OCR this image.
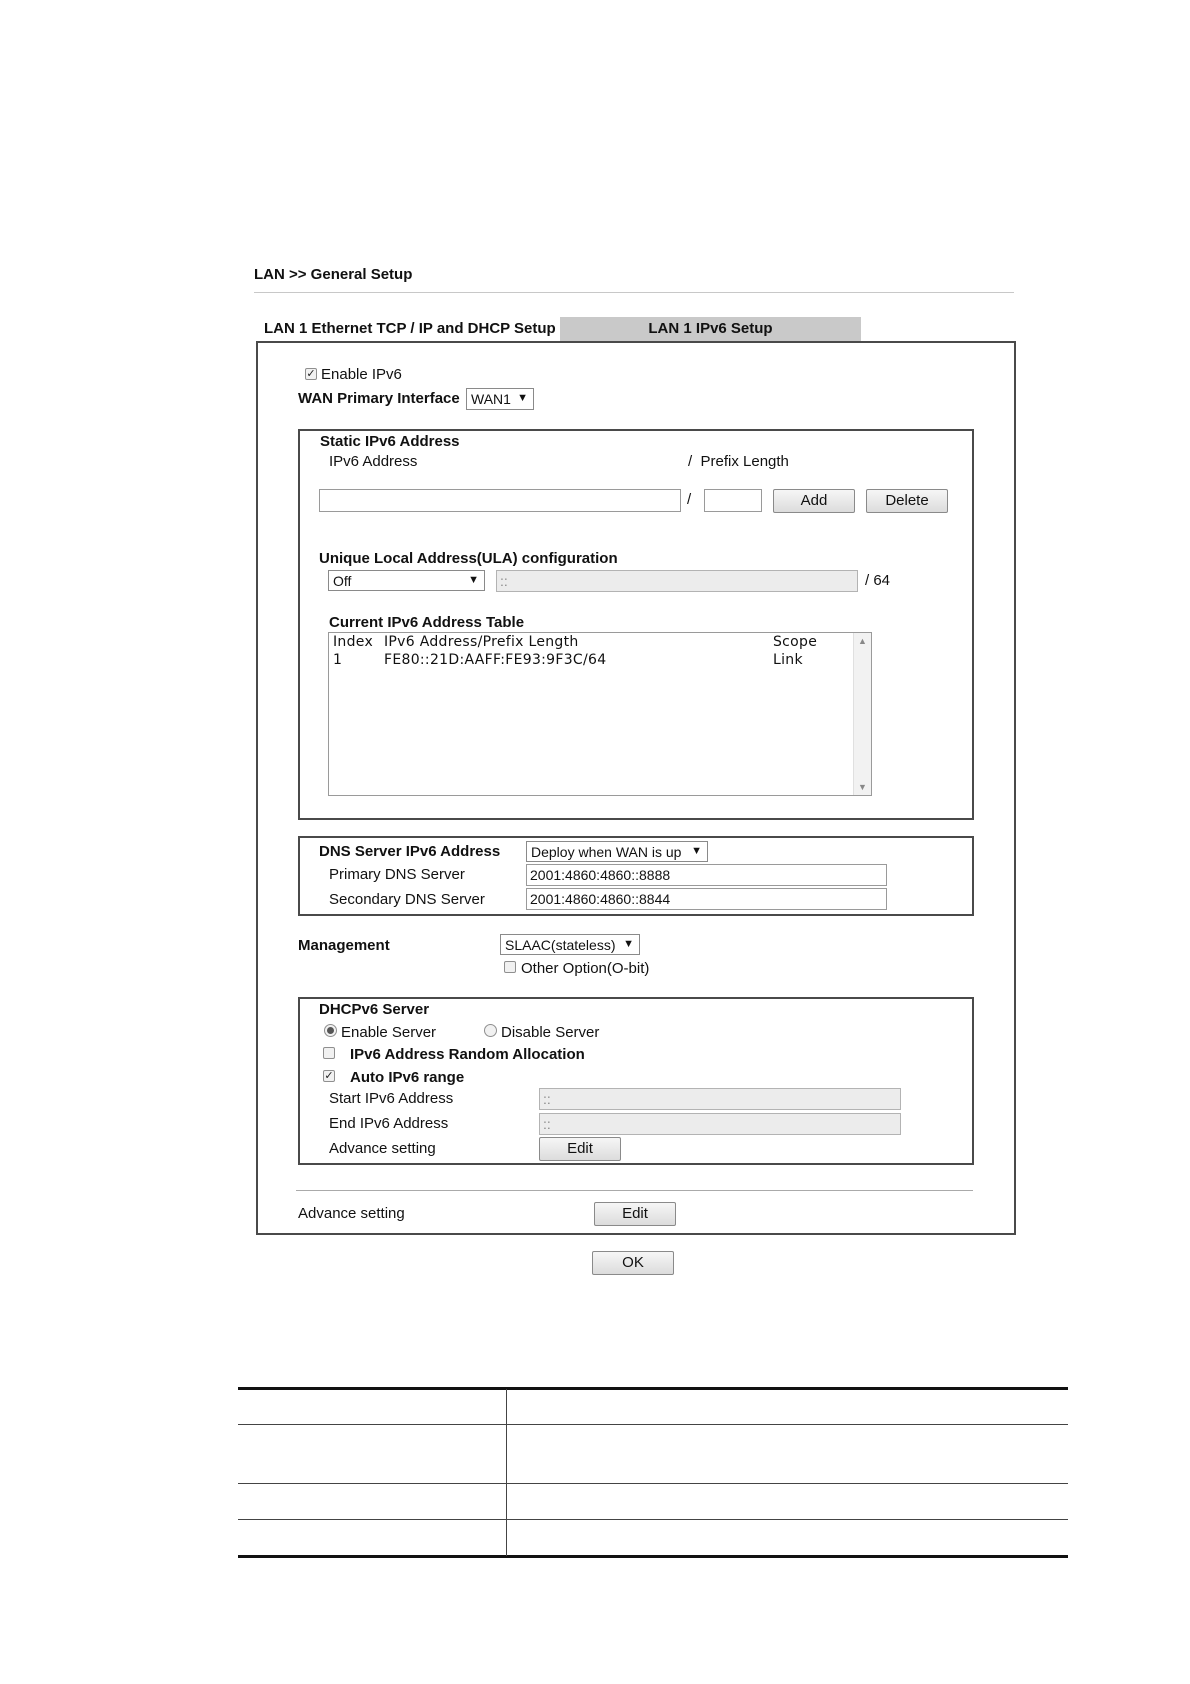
LAN >> General Setup
LAN 1 Ethernet TCP / IP and DHCP Setup	LAN 1 IPv6 Setup
✓ Enable IPv6
WAN Primary Interface WAN1 ▼
Static IPv6 Address
IPv6 Address	/  Prefix Length
/	Add	Delete
Unique Local Address(ULA) configuration
Off	▼ ::	/ 64
Current IPv6 Address Table
▲
▼
Index IPv6 Address/Prefix Length	Scope
1	FE80::21D:AAFF:FE93:9F3C/64	Link
DNS Server IPv6 Address	Deploy when WAN is up ▼
Primary DNS Server	2001:4860:4860::8888
Secondary DNS Server	2001:4860:4860::8844
Management	SLAAC(stateless) ▼
Other Option(O-bit)
DHCPv6 Server
Enable Server	Disable Server
IPv6 Address Random Allocation
✓ Auto IPv6 range
Start IPv6 Address	::
End IPv6 Address	::
Advance setting	Edit
Advance setting	Edit
OK
